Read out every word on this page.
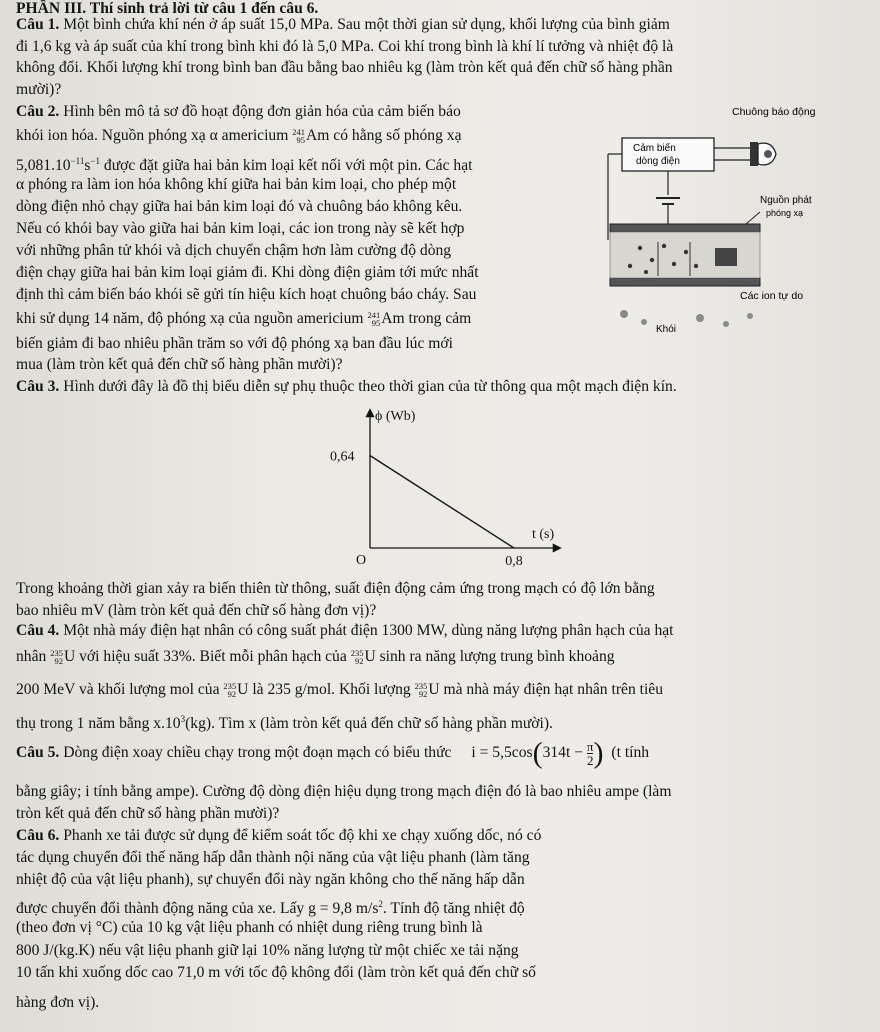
PHẦN III. Thí sinh trả lời từ câu 1 đến câu 6.
Câu 1. Một bình chứa khí nén ở áp suất 15,0 MPa. Sau một thời gian sử dụng, khối lượng của bình giảm
đi 1,6 kg và áp suất của khí trong bình khi đó là 5,0 MPa. Coi khí trong bình là khí lí tưởng và nhiệt độ là
không đổi. Khối lượng khí trong bình ban đầu bằng bao nhiêu kg (làm tròn kết quả đến chữ số hàng phần
mười)?
Câu 2. Hình bên mô tả sơ đồ hoạt động đơn giản hóa của cảm biến báo
khói ion hóa. Nguồn phóng xạ α americium 241
95 Am có hằng số phóng xạ
$5,081.10^{-11}s^{-1}$ được đặt giữa hai bản kim loại kết nối với một pin. Các hạt
α phóng ra làm ion hóa không khí giữa hai bản kim loại, cho phép một
dòng điện nhỏ chạy giữa hai bản kim loại đó và chuông báo không kêu.
Nếu có khói bay vào giữa hai bản kim loại, các ion trong này sẽ kết hợp
với những phân tử khói và dịch chuyển chậm hơn làm cường độ dòng
điện chạy giữa hai bản kim loại giảm đi. Khi dòng điện giảm tới mức nhất
định thì cảm biến báo khói sẽ gửi tín hiệu kích hoạt chuông báo cháy. Sau
khi sử dụng 14 năm, độ phóng xạ của nguồn americium 241
95 Am trong cảm
biến giảm đi bao nhiêu phần trăm so với độ phóng xạ ban đầu lúc mới
mua (làm tròn kết quả đến chữ số hàng phần mười)?
Chuông báo động
Cảm biến
dòng điện
Nguồn phát
phóng xạ
Các ion tự do
Khói
Câu 3. Hình dưới đây là đồ thị biểu diễn sự phụ thuộc theo thời gian của từ thông qua một mạch điện kín.
ϕ (Wb)
t (s)
O
0,64
0,8
Trong khoảng thời gian xảy ra biến thiên từ thông, suất điện động cảm ứng trong mạch có độ lớn bằng
bao nhiêu mV (làm tròn kết quả đến chữ số hàng đơn vị)?
Câu 4. Một nhà máy điện hạt nhân có công suất phát điện 1300 MW, dùng năng lượng phân hạch của hạt
nhân 235
92 U với hiệu suất 33%. Biết mỗi phân hạch của 235
92 U sinh ra năng lượng trung bình khoảng
200 MeV và khối lượng mol của 235
92 U là 235 g/mol. Khối lượng 235
92 U mà nhà máy điện hạt nhân trên tiêu
thụ trong 1 năm bằng $x.10^3(kg)$. Tìm x (làm tròn kết quả đến chữ số hàng phần mười).
Câu 5. Dòng điện xoay chiều chạy trong một đoạn mạch có biểu thức $i = 5,5\cos(314t - \frac{\pi}{2}$ ) (t tính
bằng giây; i tính bằng ampe). Cường độ dòng điện hiệu dụng trong mạch điện đó là bao nhiêu ampe (làm
tròn kết quả đến chữ số hàng phần mười)?
Câu 6. Phanh xe tải được sử dụng để kiểm soát tốc độ khi xe chạy xuống dốc, nó có
tác dụng chuyển đổi thế năng hấp dẫn thành nội năng của vật liệu phanh (làm tăng
nhiệt độ của vật liệu phanh), sự chuyển đổi này ngăn không cho thế năng hấp dẫn
được chuyển đổi thành động năng của xe. Lấy g = 9,8 $m/s^2$. Tính độ tăng nhiệt độ
(theo đơn vị °C) của 10 kg vật liệu phanh có nhiệt dung riêng trung bình là
800 J/(kg.K) nếu vật liệu phanh giữ lại 10% năng lượng từ một chiếc xe tải nặng
10 tấn khi xuống dốc cao 71,0 m với tốc độ không đổi (làm tròn kết quả đến chữ số
hàng đơn vị).
